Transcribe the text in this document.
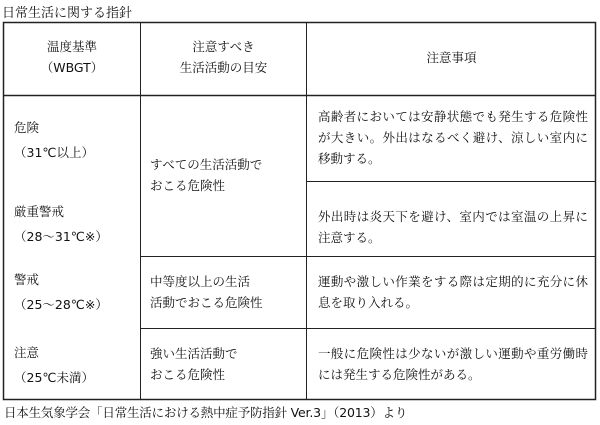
日常生活に関する指針
温度基準
（WBGT）
注意すべき
生活活動の目安
注意事項
危険
（31℃以上）
厳重警戒
（28～31℃※）
警戒
（25～28℃※）
注意
（25℃未満）
すべての生活活動で
おこる危険性
中等度以上の生活
活動でおこる危険性
強い生活活動で
おこる危険性
高齢者においては安静状態でも発生する危険性が大きい。外出はなるべく避け、涼しい室内に移動する。
外出時は炎天下を避け、室内では室温の上昇に注意する。
運動や激しい作業をする際は定期的に充分に休息を取り入れる。
一般に危険性は少ないが激しい運動や重労働時には発生する危険性がある。
日本生気象学会「日常生活における熱中症予防指針 Ver.3」（2013）より
